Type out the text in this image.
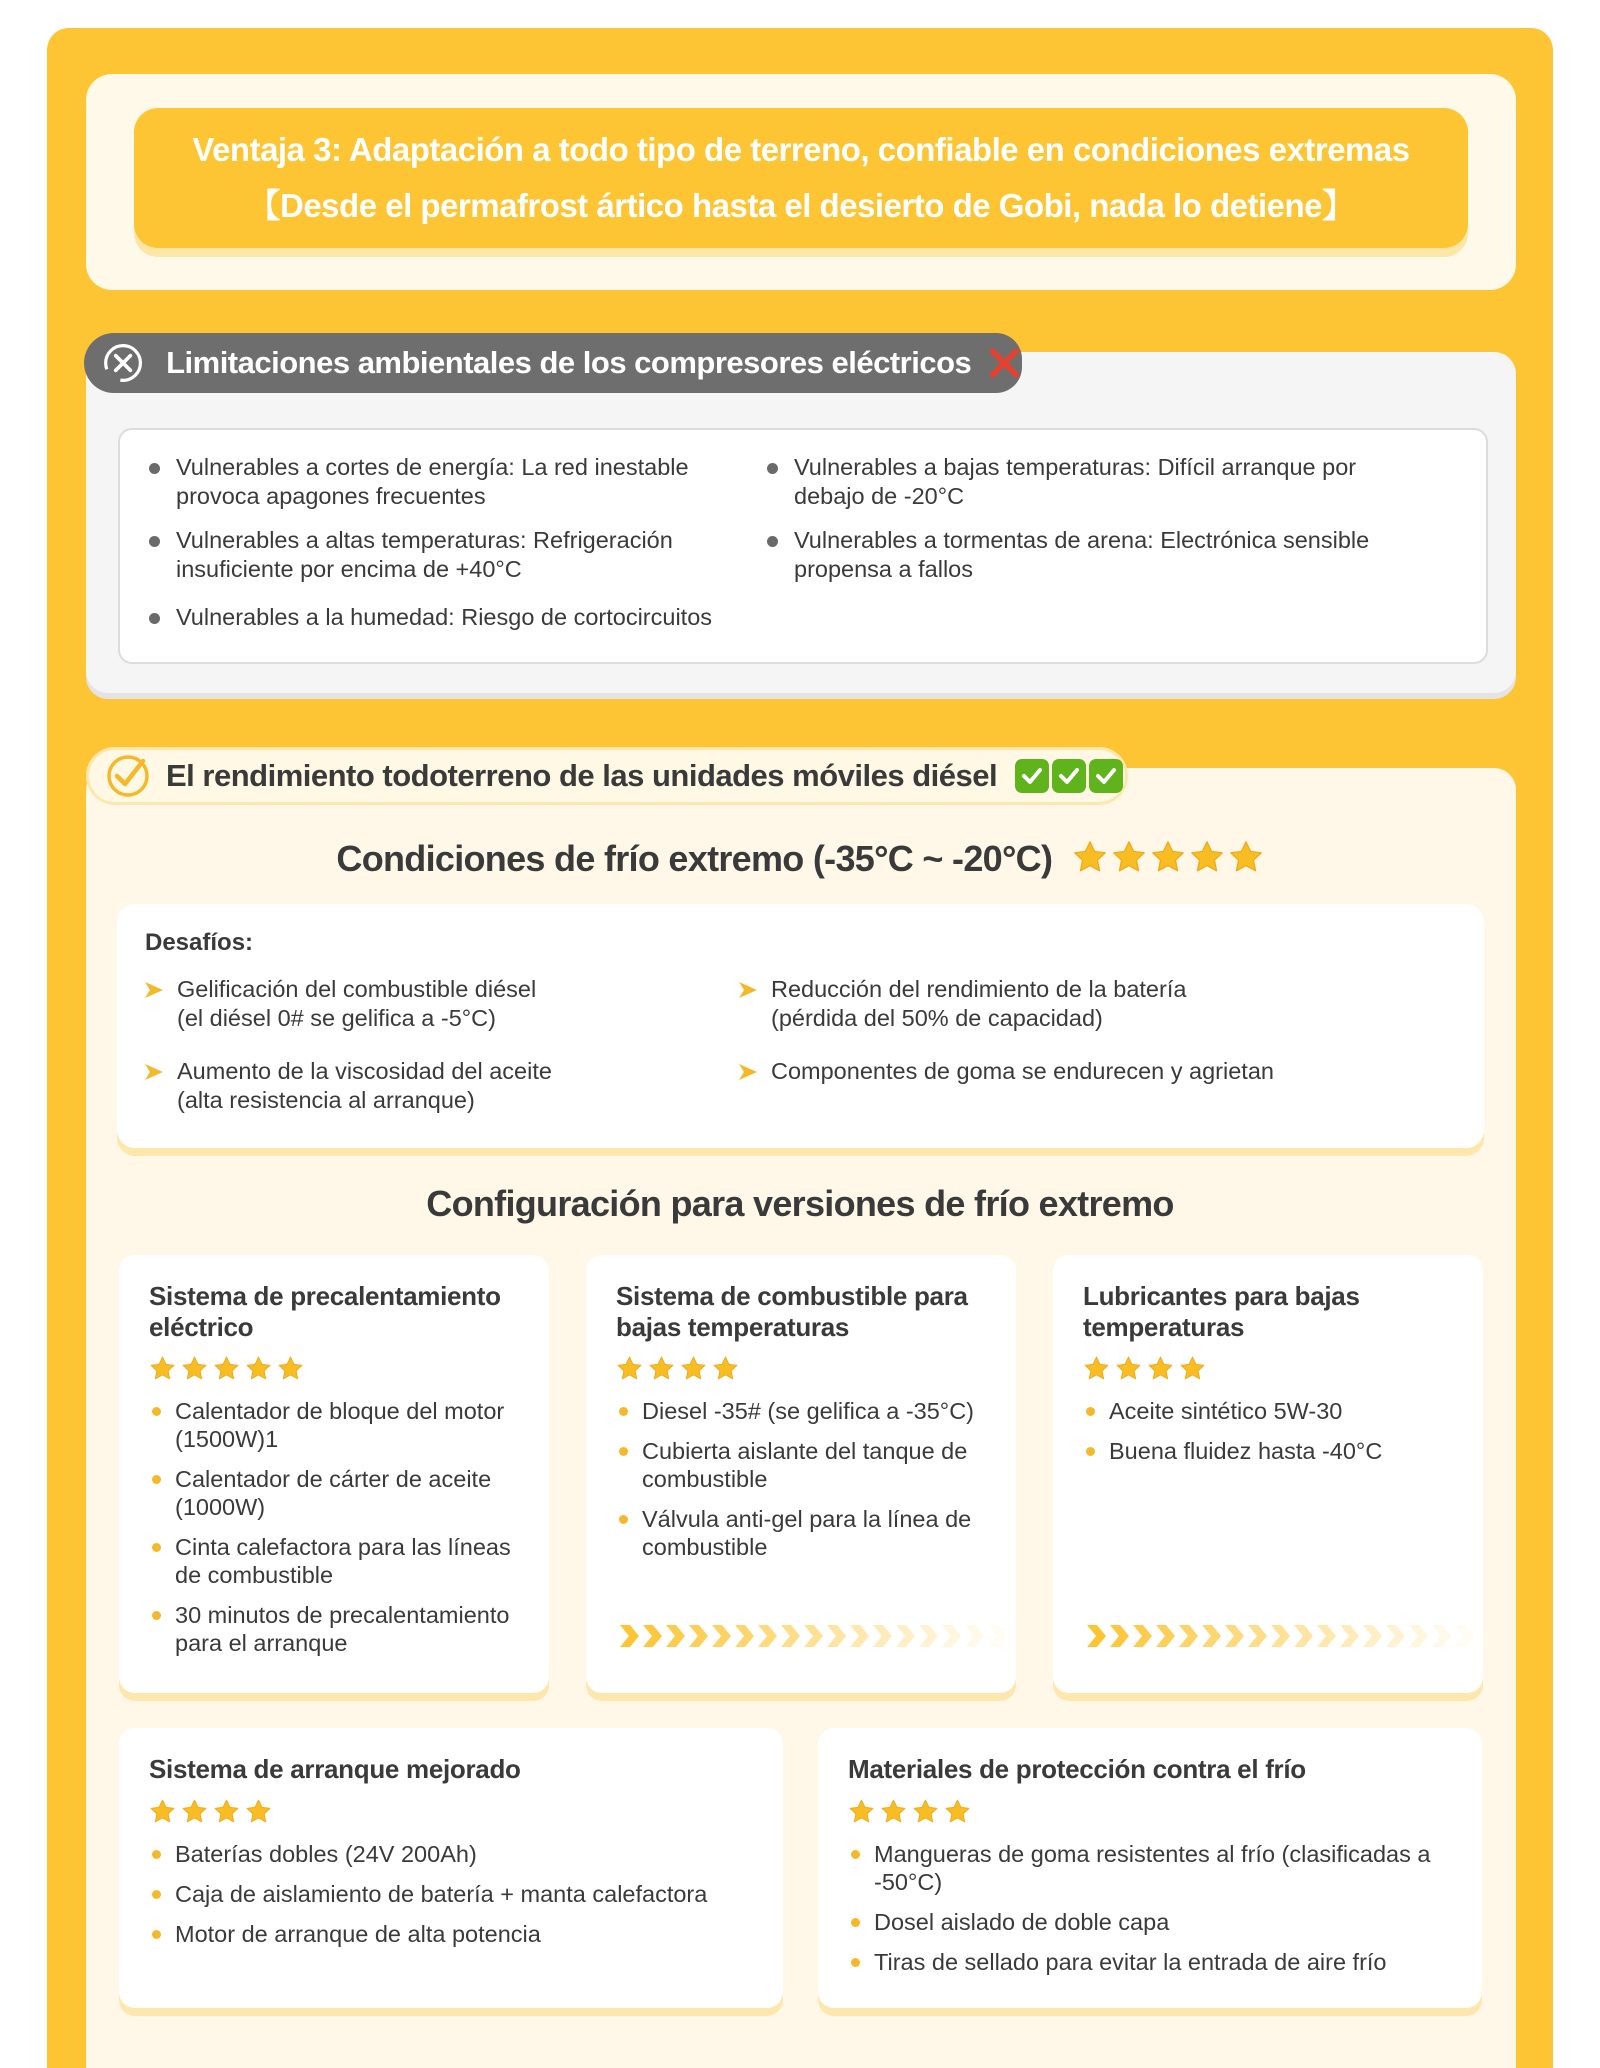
Ventaja 3: Adaptación a todo tipo de terreno, confiable en condiciones extremas
【Desde el permafrost ártico hasta el desierto de Gobi, nada lo detiene】
Limitaciones ambientales de los compresores eléctricos
Vulnerables a cortes de energía: La red inestable
provoca apagones frecuentes
Vulnerables a bajas temperaturas: Difícil arranque por
debajo de -20°C
Vulnerables a altas temperaturas: Refrigeración
insuficiente por encima de +40°C
Vulnerables a tormentas de arena: Electrónica sensible
propensa a fallos
Vulnerables a la humedad: Riesgo de cortocircuitos
El rendimiento todoterreno de las unidades móviles diésel
Condiciones de frío extremo (-35°C ~ -20°C)
Desafíos:
Gelificación del combustible diésel
(el diésel 0# se gelifica a -5°C)
Reducción del rendimiento de la batería
(pérdida del 50% de capacidad)
Aumento de la viscosidad del aceite
(alta resistencia al arranque)
Componentes de goma se endurecen y agrietan
Configuración para versiones de frío extremo
Sistema de precalentamiento
eléctrico
Calentador de bloque del motor
(1500W)1
Calentador de cárter de aceite
(1000W)
Cinta calefactora para las líneas
de combustible
30 minutos de precalentamiento
para el arranque
Sistema de combustible para
bajas temperaturas
Diesel -35# (se gelifica a -35°C)
Cubierta aislante del tanque de
combustible
Válvula anti-gel para la línea de
combustible
Lubricantes para bajas
temperaturas
Aceite sintético 5W-30
Buena fluidez hasta -40°C
Sistema de arranque mejorado
Baterías dobles (24V 200Ah)
Caja de aislamiento de batería + manta calefactora
Motor de arranque de alta potencia
Materiales de protección contra el frío
Mangueras de goma resistentes al frío (clasificadas a
-50°C)
Dosel aislado de doble capa
Tiras de sellado para evitar la entrada de aire frío
